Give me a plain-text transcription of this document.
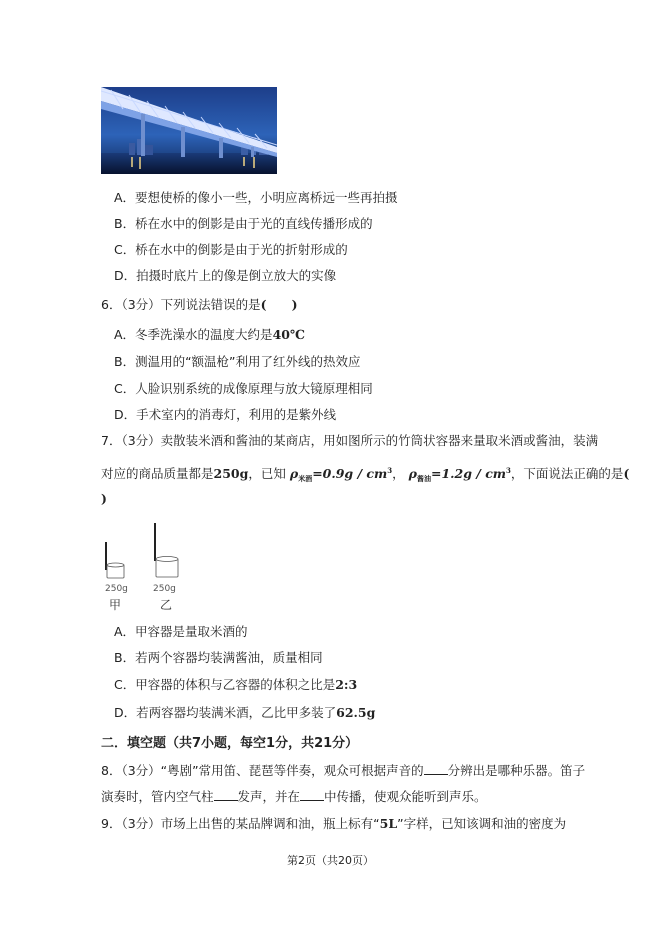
A．要想使桥的像小一些，小明应离桥远一些再拍摄
B．桥在水中的倒影是由于光的直线传播形成的
C．桥在水中的倒影是由于光的折射形成的
D．拍摄时底片上的像是倒立放大的实像
6．（3分）下列说法错误的是(　　)
A．冬季洗澡水的温度大约是40℃
B．测温用的“额温枪”利用了红外线的热效应
C．人脸识别系统的成像原理与放大镜原理相同
D．手术室内的消毒灯，利用的是紫外线
7．（3分）卖散装米酒和酱油的某商店，用如图所示的竹筒状容器来量取米酒或酱油，装满
对应的商品质量都是250g，已知 $\rho_{米酒}=0.9g / cm^3$， $\rho_{酱油}=1.2g / cm^3$，下面说法正确的是(
)
250g
甲
250g
乙
A．甲容器是量取米酒的
B．若两个容器均装满酱油，质量相同
C．甲容器的体积与乙容器的体积之比是2:3
D．若两容器均装满米酒，乙比甲多装了62.5g
二．填空题（共7小题，每空1分，共21分）
8．（3分）“粤剧”常用笛、琵琶等伴奏，观众可根据声音的 分辨出是哪种乐器。笛子
演奏时，管内空气柱 发声，并在 中传播，使观众能听到声乐。
9．（3分）市场上出售的某品牌调和油，瓶上标有“5L”字样，已知该调和油的密度为
第2页（共20页）
